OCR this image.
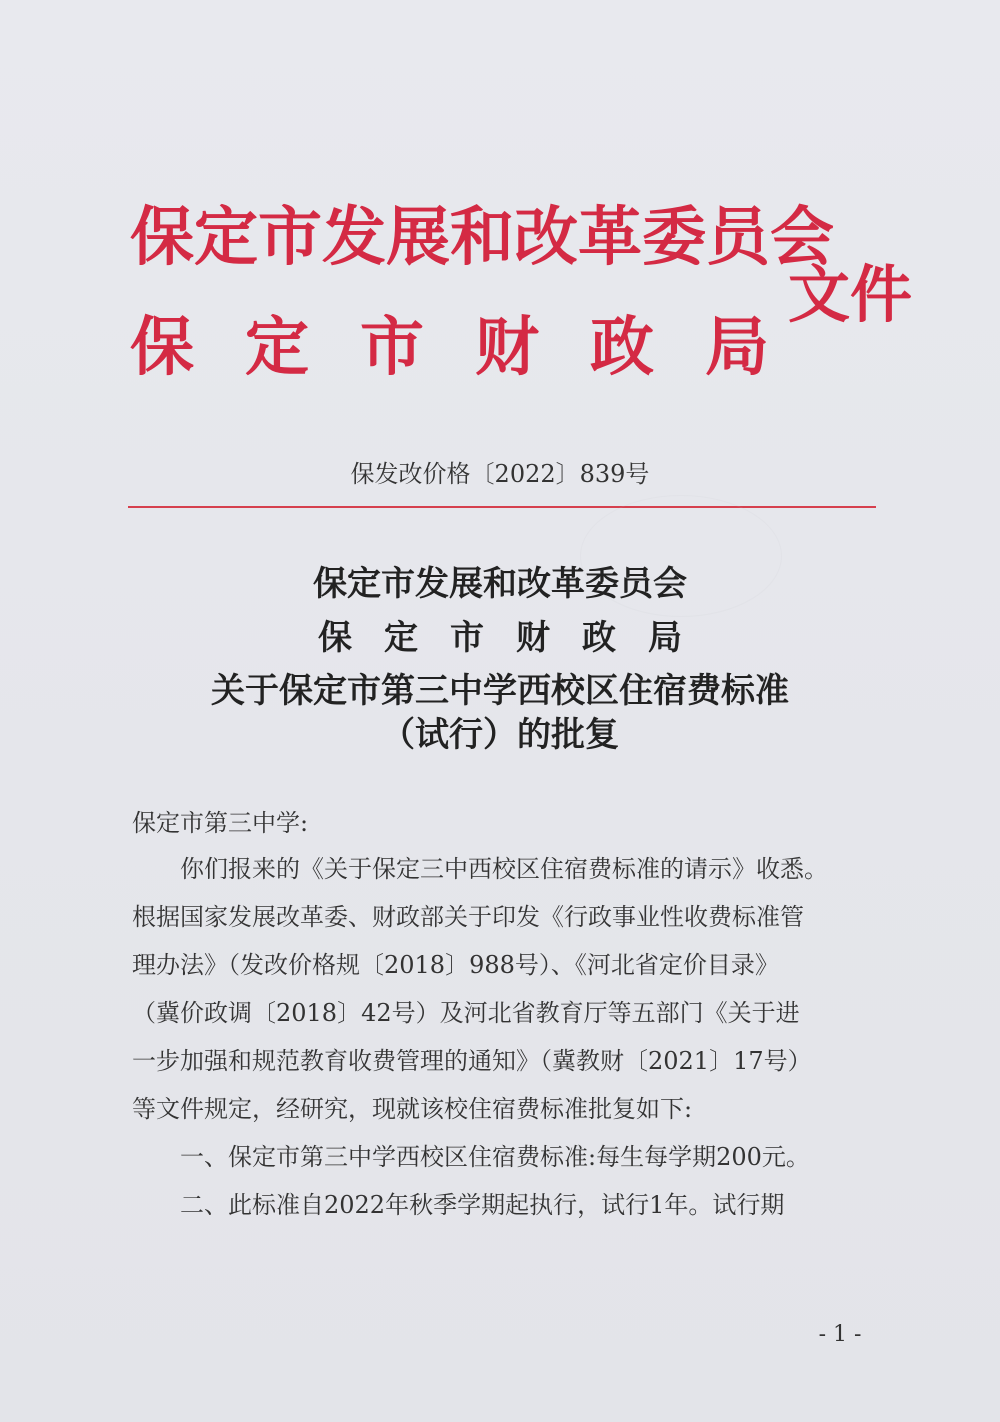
保定市发展和改革委员会
保定市财政局
文件
保发改价格〔2022〕839号
保定市发展和改革委员会
保定市财政局
关于保定市第三中学西校区住宿费标准
（试行）的批复
保定市第三中学:
你们报来的《关于保定三中西校区住宿费标准的请示》收悉。
根据国家发展改革委、财政部关于印发《行政事业性收费标准管
理办法》（发改价格规〔2018〕988号）、《河北省定价目录》
（冀价政调〔2018〕42号）及河北省教育厅等五部门《关于进
一步加强和规范教育收费管理的通知》（冀教财〔2021〕17号）
等文件规定，经研究，现就该校住宿费标准批复如下:
一、保定市第三中学西校区住宿费标准:每生每学期200元。
二、此标准自2022年秋季学期起执行，试行1年。试行期
- 1 -
